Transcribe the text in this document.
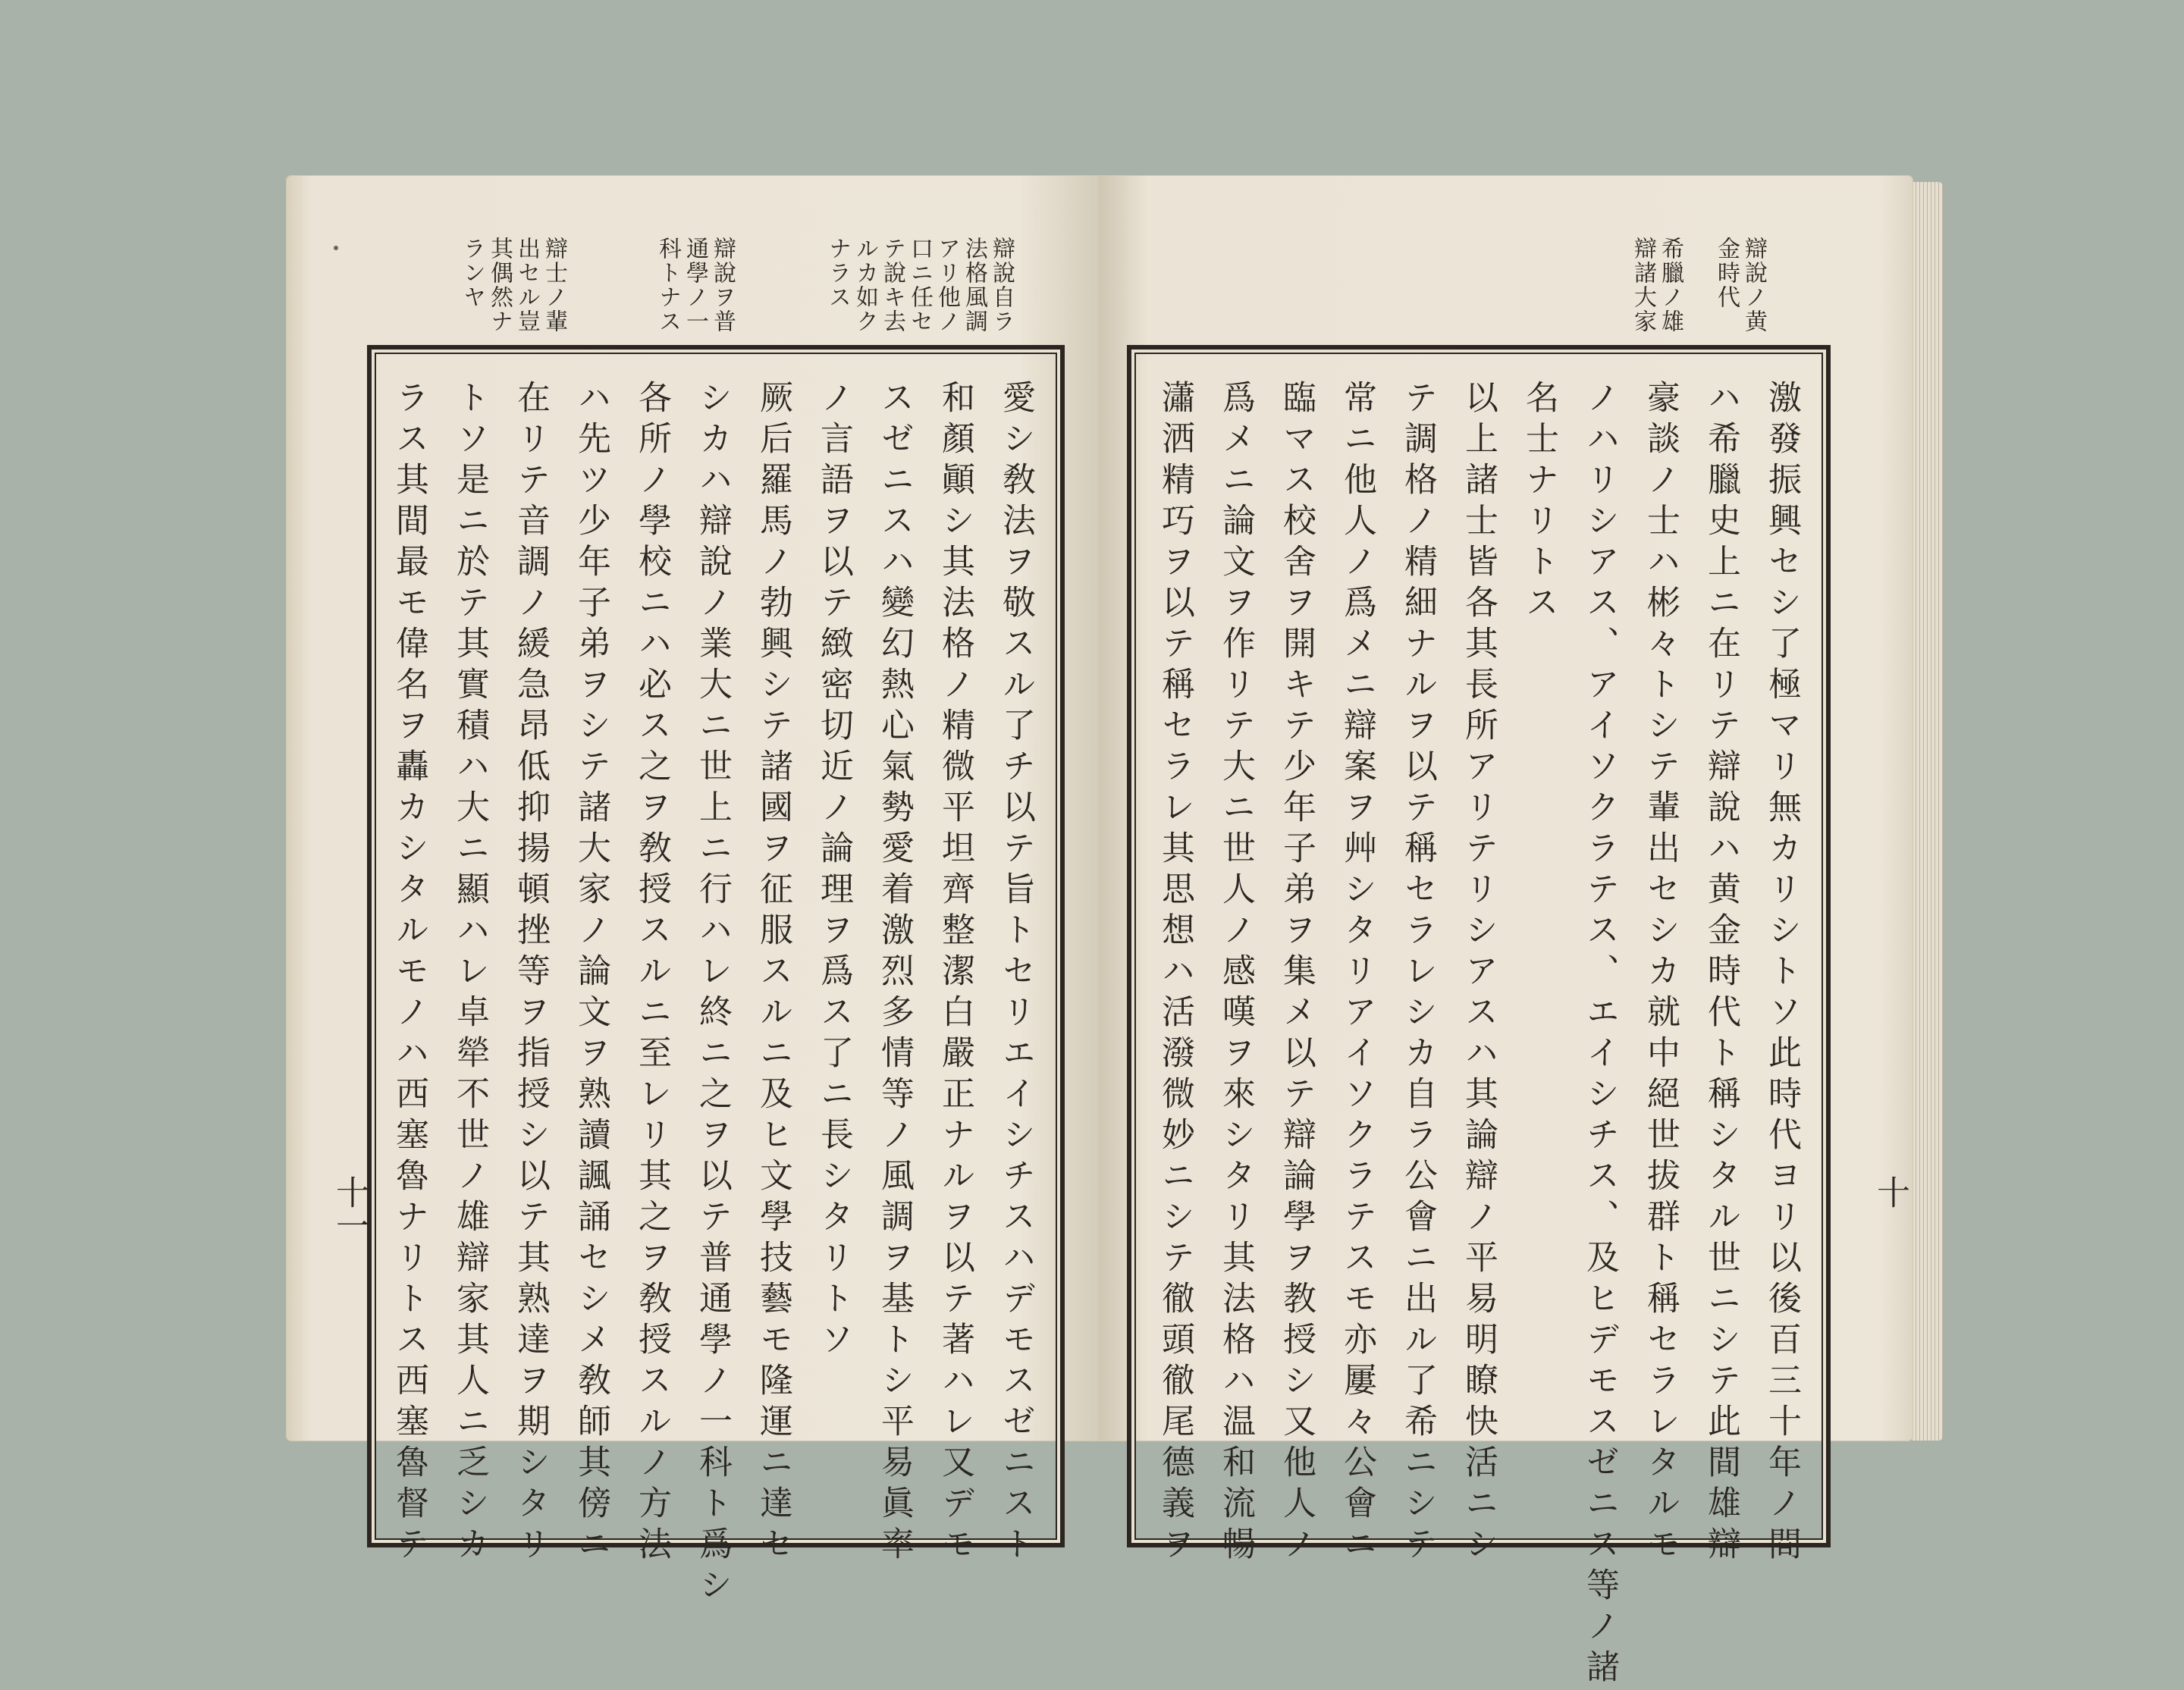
辯士ノ輩
出セル豈
其偶然ナ
ランヤ	辯說ヲ普
通學ノ一
科トナス	辯說自ラ
法格風調
アリ他ノ
口ニ任セ
テ說キ去
ルカ如ク
ナラス
愛シ敎法ヲ敬スル了チ以テ旨トセリエイシチスハデモスゼニスト
和顏顚シ其法格ノ精微平坦齊整潔白嚴正ナルヲ以テ著ハレ又デモ
スゼニスハ變幻熱心氣勢愛着激烈多情等ノ風調ヲ基トシ平易眞率
ノ言語ヲ以テ緻密切近ノ論理ヲ爲ス了ニ長シタリトソ
厥后羅馬ノ勃興シテ諸國ヲ征服スルニ及ヒ文學技藝モ隆運ニ達セ
シカハ辯說ノ業大ニ世上ニ行ハレ終ニ之ヲ以テ普通學ノ一科ト爲シ
各所ノ學校ニハ必ス之ヲ敎授スルニ至レリ其之ヲ敎授スルノ方法
ハ先ツ少年子弟ヲシテ諸大家ノ論文ヲ熟讀諷誦セシメ敎師其傍ニ
在リテ音調ノ緩急昂低抑揚頓挫等ヲ指授シ以テ其熟達ヲ期シタリ
トソ是ニ於テ其實積ハ大ニ顯ハレ卓犖不世ノ雄辯家其人ニ乏シカ
ラス其間最モ偉名ヲ轟カシタルモノハ西塞魯ナリトス西塞魯督テ
十一
希臘ノ雄
辯諸大家	辯說ノ黄
金時代
激發振興セシ了極マリ無カリシトソ此時代ヨリ以後百三十年ノ間
ハ希臘史上ニ在リテ辯說ハ黄金時代ト稱シタル世ニシテ此間雄辯
豪談ノ士ハ彬々トシテ輩出セシカ就中絕世拔群ト稱セラレタルモ
ノハリシアス、アイソクラテス、エイシチス、及ヒデモスゼニス等ノ諸
名士ナリトス
以上諸士皆各其長所アリテリシアスハ其論辯ノ平易明瞭快活ニシ
テ調格ノ精細ナルヲ以テ稱セラレシカ自ラ公會ニ出ル了希ニシテ
常ニ他人ノ爲メニ辯案ヲ艸シタリアイソクラテスモ亦屢々公會ニ
臨マス校舍ヲ開キテ少年子弟ヲ集メ以テ辯論學ヲ教授シ又他人ノ
爲メニ論文ヲ作リテ大ニ世人ノ感嘆ヲ來シタリ其法格ハ温和流暢
瀟洒精巧ヲ以テ稱セラレ其思想ハ活潑微妙ニシテ徹頭徹尾德義ヲ	十
